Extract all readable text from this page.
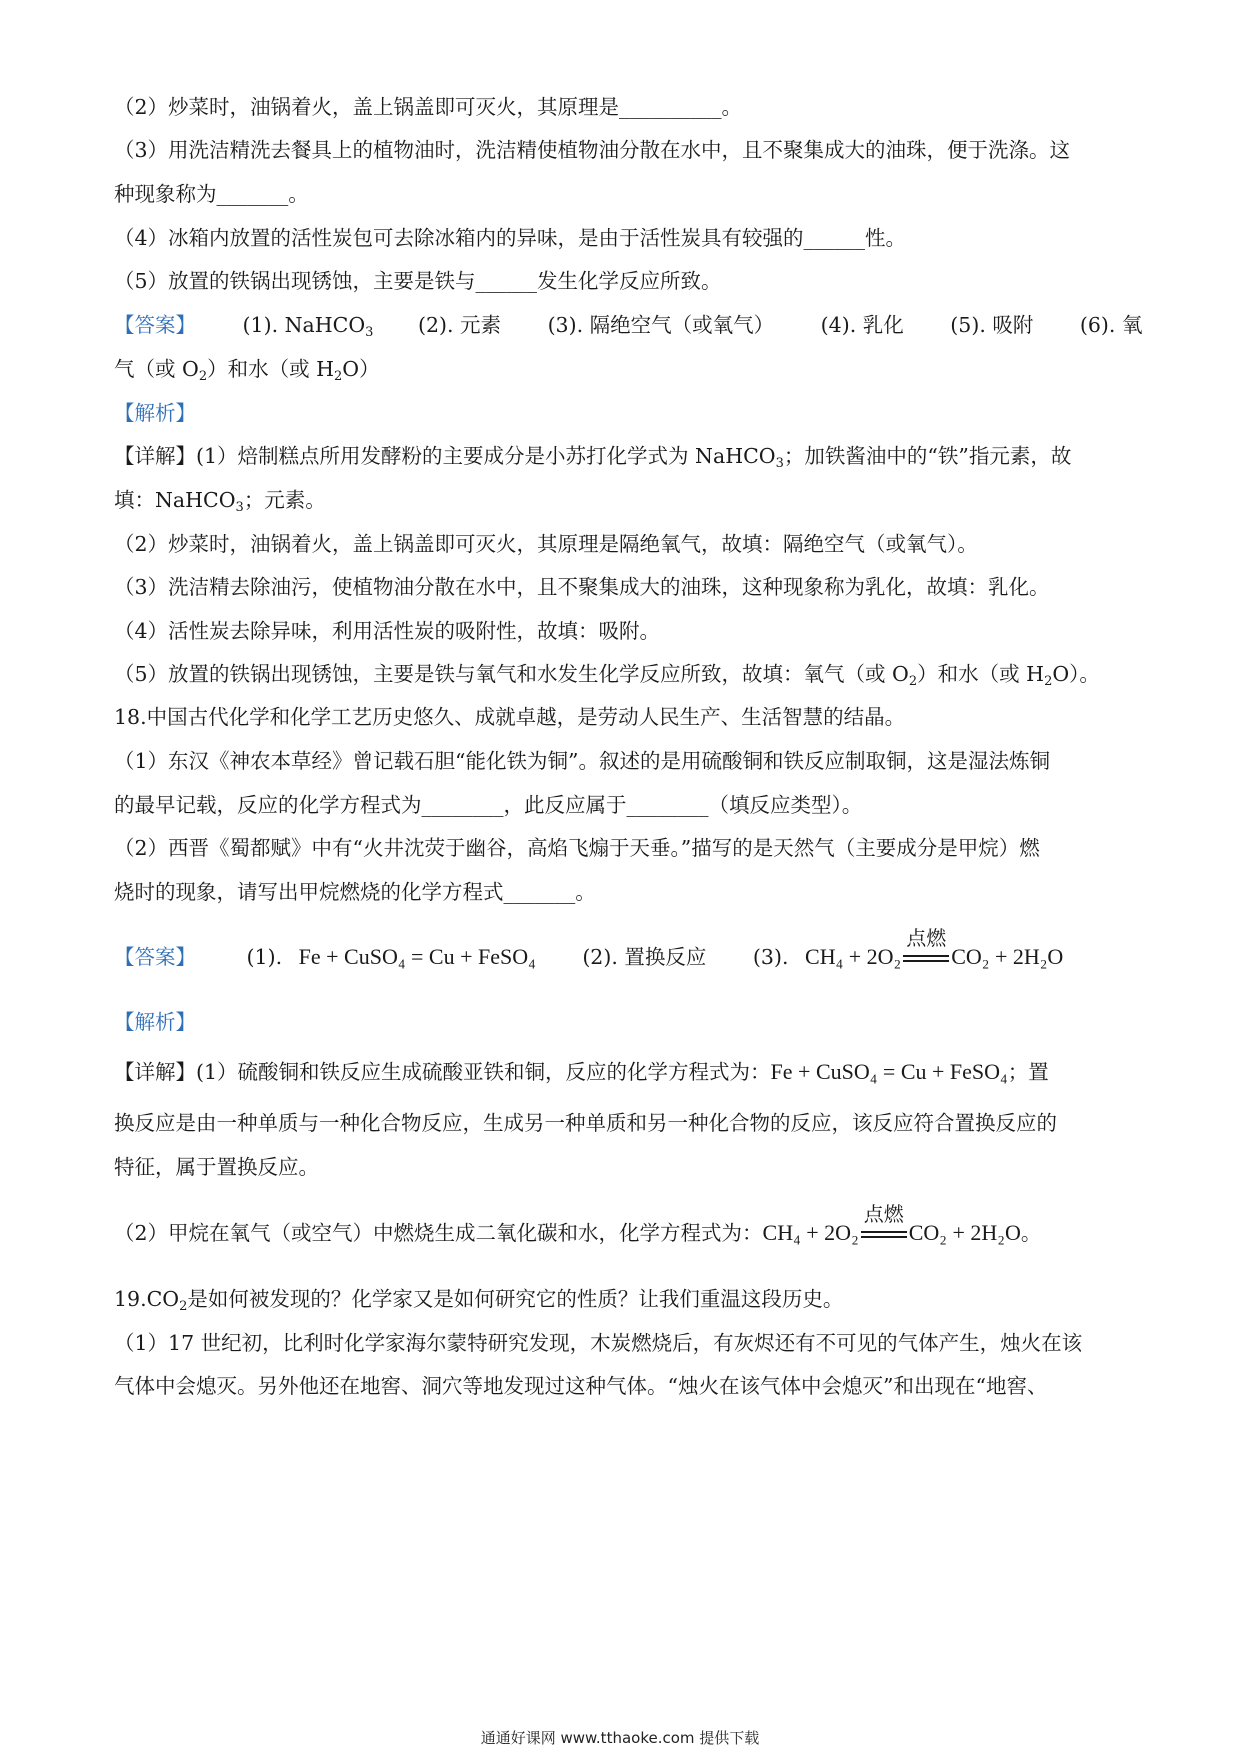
（2）炒菜时，油锅着火，盖上锅盖即可灭火，其原理是__________。
（3）用洗洁精洗去餐具上的植物油时，洗洁精使植物油分散在水中，且不聚集成大的油珠，便于洗涤。这
种现象称为_______。
（4）冰箱内放置的活性炭包可去除冰箱内的异味，是由于活性炭具有较强的______性。
（5）放置的铁锅出现锈蚀，主要是铁与______发生化学反应所致。
【答案】 (1). NaHCO$_3$ (2). 元素 (3). 隔绝空气（或氧气） (4). 乳化 (5). 吸附 (6). 氧
气（或 $O_2$）和水（或 $H_2O$）
【解析】
【详解】(1）焙制糕点所用发酵粉的主要成分是小苏打化学式为 NaHCO$_3$；加铁酱油中的“铁”指元素，故
填：NaHCO$_3$；元素。
（2）炒菜时，油锅着火，盖上锅盖即可灭火，其原理是隔绝氧气，故填：隔绝空气（或氧气）。
（3）洗洁精去除油污，使植物油分散在水中，且不聚集成大的油珠，这种现象称为乳化，故填：乳化。
（4）活性炭去除异味，利用活性炭的吸附性，故填：吸附。
（5）放置的铁锅出现锈蚀，主要是铁与氧气和水发生化学反应所致，故填：氧气（或 $O_2$）和水（或 $H_2O$）。
18.中国古代化学和化学工艺历史悠久、成就卓越，是劳动人民生产、生活智慧的结晶。
（1）东汉《神农本草经》曾记载石胆“能化铁为铜”。叙述的是用硫酸铜和铁反应制取铜，这是湿法炼铜
的最早记载，反应的化学方程式为________，此反应属于________（填反应类型）。
（2）西晋《蜀都赋》中有“火井沈荧于幽谷，高焰飞煽于天垂。”描写的是天然气（主要成分是甲烷）燃
烧时的现象，请写出甲烷燃烧的化学方程式_______。
【答案】 (1). Fe + CuSO₄ = Cu + FeSO₄ (2). 置换反应 (3). CH₄ + 2O₂
点燃
CO₂ + 2H₂O
【解析】
【详解】(1）硫酸铜和铁反应生成硫酸亚铁和铜，反应的化学方程式为：Fe + CuSO₄ = Cu + FeSO₄；置
换反应是由一种单质与一种化合物反应，生成另一种单质和另一种化合物的反应，该反应符合置换反应的
特征，属于置换反应。
（2）甲烷在氧气（或空气）中燃烧生成二氧化碳和水，化学方程式为：CH₄ + 2O₂
点燃
CO₂ + 2H₂O。
$19.CO_2$是如何被发现的？化学家又是如何研究它的性质？让我们重温这段历史。
（1）17 世纪初，比利时化学家海尔蒙特研究发现，木炭燃烧后，有灰烬还有不可见的气体产生，烛火在该
气体中会熄灭。另外他还在地窖、洞穴等地发现过这种气体。“烛火在该气体中会熄灭”和出现在“地窖、
通通好课网 www.tthaoke.com 提供下载
